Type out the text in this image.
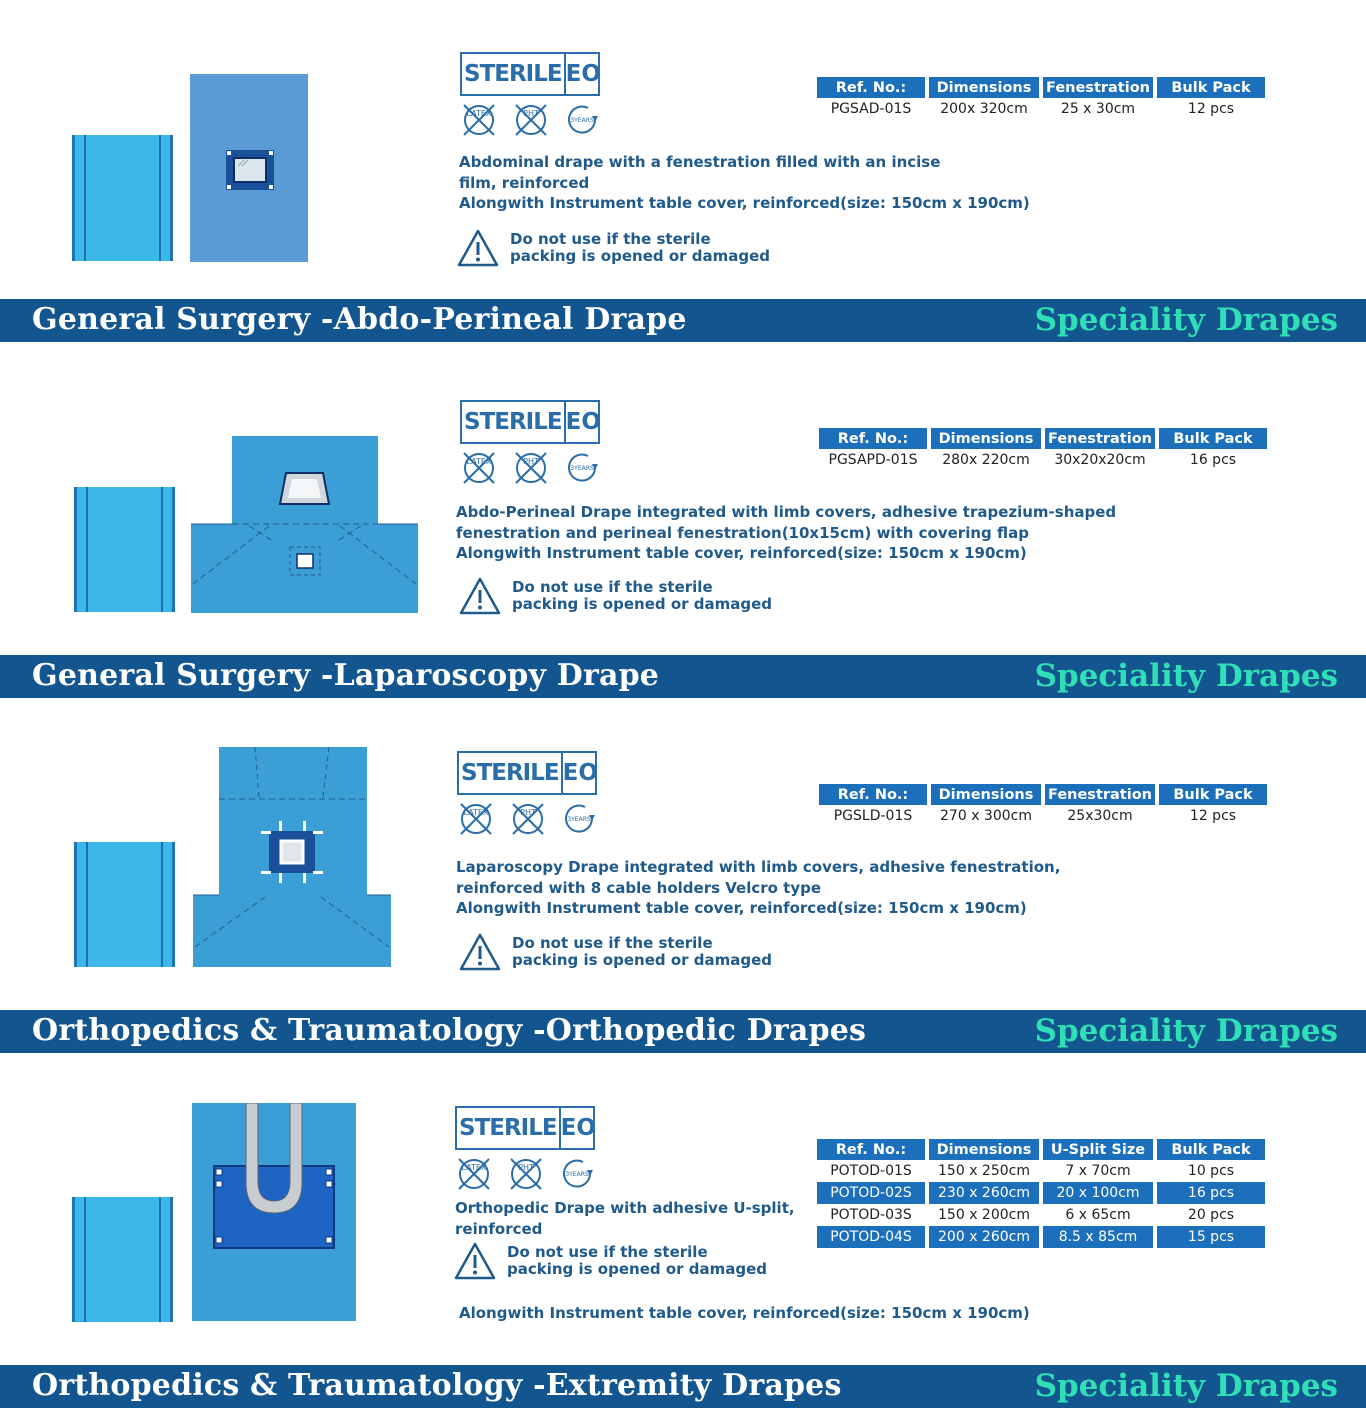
STERILE EO
LATEX	PHT
3YEARS
Abdominal drape with a fenestration filled with an incise
film, reinforced
Alongwith Instrument table cover, reinforced(size: 150cm x 190cm)
Do not use if the sterile
packing is opened or damaged
Ref. No.:	Dimensions	Fenestration	Bulk Pack
PGSAD-01S	200x 320cm	25 x 30cm	12 pcs
General Surgery -Abdo-Perineal Drape	Speciality Drapes
STERILE EO
LATEX	PHT
3YEARS
Abdo-Perineal Drape integrated with limb covers, adhesive trapezium-shaped
fenestration and perineal fenestration(10x15cm) with covering flap
Alongwith Instrument table cover, reinforced(size: 150cm x 190cm)
Do not use if the sterile
packing is opened or damaged
Ref. No.:	Dimensions	Fenestration	Bulk Pack
PGSAPD-01S	280x 220cm	30x20x20cm	16 pcs
General Surgery -Laparoscopy Drape	Speciality Drapes
STERILE EO
LATEX	PHT
3YEARS
Laparoscopy Drape integrated with limb covers, adhesive fenestration,
reinforced with 8 cable holders Velcro type
Alongwith Instrument table cover, reinforced(size: 150cm x 190cm)
Do not use if the sterile
packing is opened or damaged
Ref. No.:	Dimensions	Fenestration	Bulk Pack
PGSLD-01S	270 x 300cm	25x30cm	12 pcs
Orthopedics & Traumatology -Orthopedic Drapes	Speciality Drapes
STERILE EO
LATEX	PHT
3YEARS
Orthopedic Drape with adhesive U-split,
reinforced
Do not use if the sterile
packing is opened or damaged
Alongwith Instrument table cover, reinforced(size: 150cm x 190cm)
Ref. No.:	Dimensions	U-Split Size	Bulk Pack
POTOD-01S	150 x 250cm	7 x 70cm	10 pcs
POTOD-02S	230 x 260cm	20 x 100cm	16 pcs
POTOD-03S	150 x 200cm	6 x 65cm	20 pcs
POTOD-04S	200 x 260cm	8.5 x 85cm	15 pcs
Orthopedics & Traumatology -Extremity Drapes	Speciality Drapes
